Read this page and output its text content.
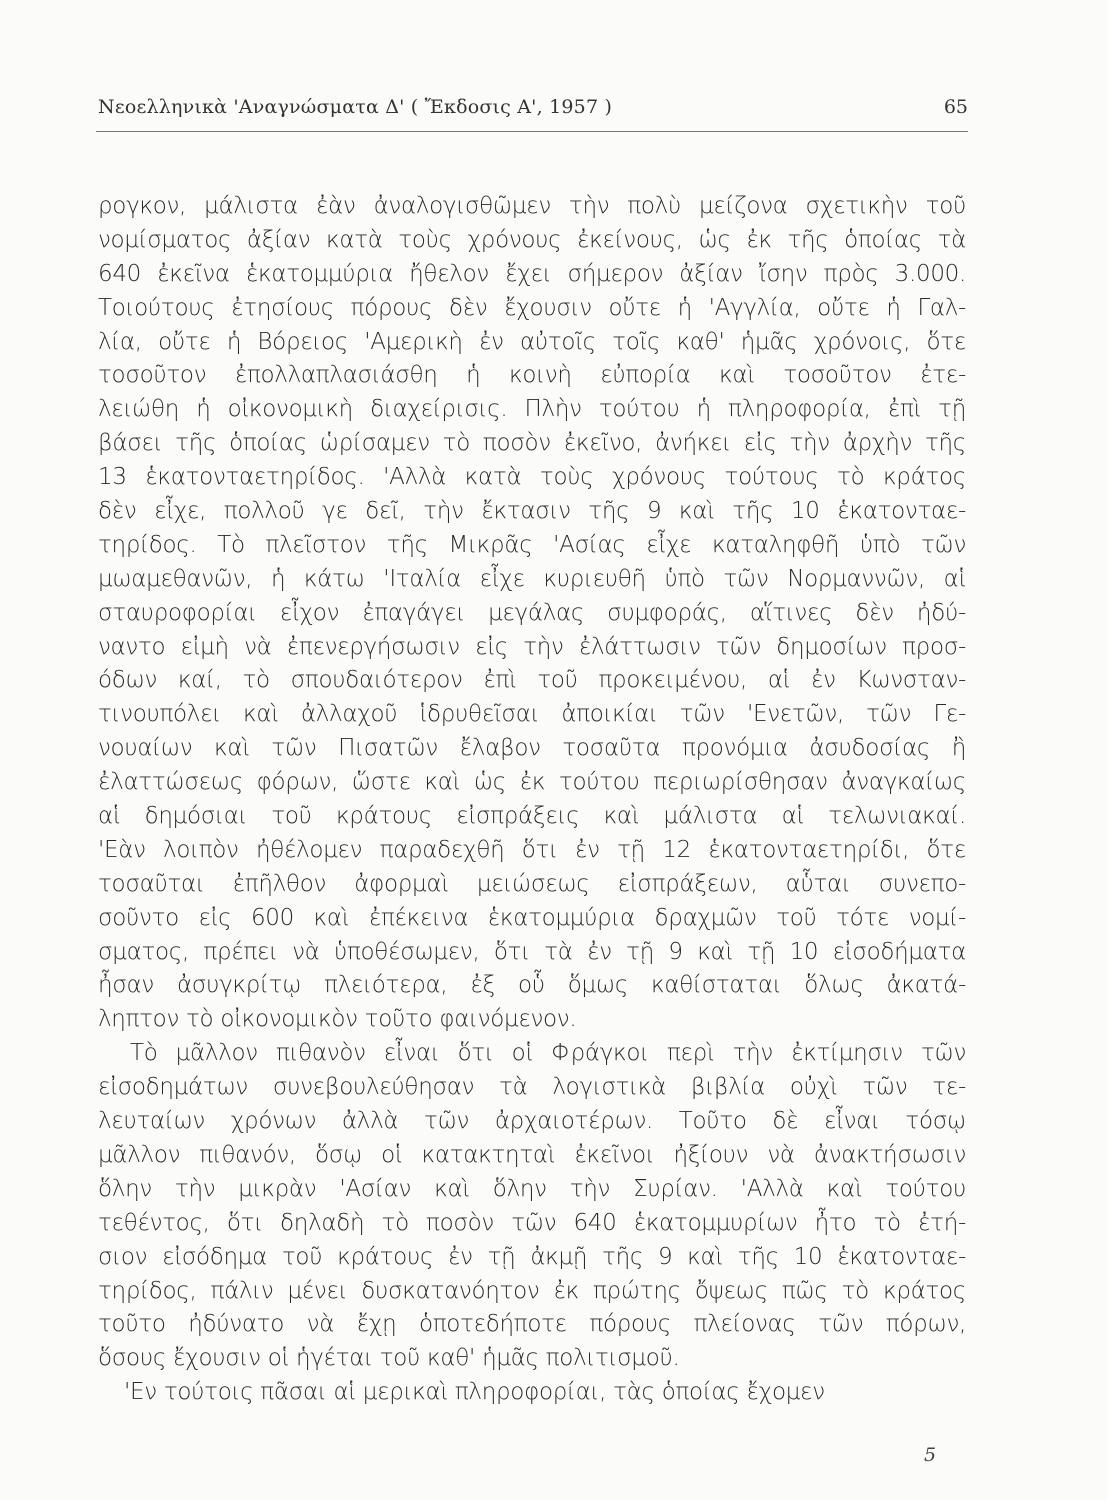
Νεοελληνικὰ 'Αναγνώσματα Δ' ( Ἔκδοσις Α', 1957 )	65
ρογκον, μάλιστα ἐὰν ἀναλογισθῶμεν τὴν πολὺ μείζονα σχετικὴν τοῦ
νομίσματος ἀξίαν κατὰ τοὺς χρόνους ἐκείνους, ὡς ἐκ τῆς ὁποίας τὰ
640 ἐκεῖνα ἑκατομμύρια ἤθελον ἔχει σήμερον ἀξίαν ἴσην πρὸς 3.000.
Τοιούτους ἐτησίους πόρους δὲν ἔχουσιν οὔτε ἡ 'Αγγλία, οὔτε ἡ Γαλ-
λία, οὔτε ἡ Βόρειος 'Αμερικὴ ἐν αὐτοῖς τοῖς καθ' ἡμᾶς χρόνοις, ὅτε
τοσοῦτον ἐπολλαπλασιάσθη ἡ κοινὴ εὐπορία καὶ τοσοῦτον ἐτε-
λειώθη ἡ οἰκονομικὴ διαχείρισις. Πλὴν τούτου ἡ πληροφορία, ἐπὶ τῇ
βάσει τῆς ὁποίας ὡρίσαμεν τὸ ποσὸν ἐκεῖνο, ἀνήκει εἰς τὴν ἀρχὴν τῆς
13 ἑκατονταετηρίδος. 'Αλλὰ κατὰ τοὺς χρόνους τούτους τὸ κράτος
δὲν εἶχε, πολλοῦ γε δεῖ, τὴν ἔκτασιν τῆς 9 καὶ τῆς 10 ἑκατονταε-
τηρίδος. Τὸ πλεῖστον τῆς Μικρᾶς 'Ασίας εἶχε καταληφθῆ ὑπὸ τῶν
μωαμεθανῶν, ἡ κάτω 'Ιταλία εἶχε κυριευθῆ ὑπὸ τῶν Νορμαννῶν, αἱ
σταυροφορίαι εἶχον ἐπαγάγει μεγάλας συμφοράς, αἵτινες δὲν ἠδύ-
ναντο εἰμὴ νὰ ἐπενεργήσωσιν εἰς τὴν ἐλάττωσιν τῶν δημοσίων προσ-
όδων καί, τὸ σπουδαιότερον ἐπὶ τοῦ προκειμένου, αἱ ἐν Κωνσταν-
τινουπόλει καὶ ἀλλαχοῦ ἱδρυθεῖσαι ἀποικίαι τῶν 'Ενετῶν, τῶν Γε-
νουαίων καὶ τῶν Πισατῶν ἔλαβον τοσαῦτα προνόμια ἀσυδοσίας ἢ
ἐλαττώσεως φόρων, ὥστε καὶ ὡς ἐκ τούτου περιωρίσθησαν ἀναγκαίως
αἱ δημόσιαι τοῦ κράτους εἰσπράξεις καὶ μάλιστα αἱ τελωνιακαί.
'Εὰν λοιπὸν ἠθέλομεν παραδεχθῆ ὅτι ἐν τῇ 12 ἑκατονταετηρίδι, ὅτε
τοσαῦται ἐπῆλθον ἀφορμαὶ μειώσεως εἰσπράξεων, αὗται συνεπο-
σοῦντο εἰς 600 καὶ ἐπέκεινα ἑκατομμύρια δραχμῶν τοῦ τότε νομί-
σματος, πρέπει νὰ ὑποθέσωμεν, ὅτι τὰ ἐν τῇ 9 καὶ τῇ 10 εἰσοδήματα
ἦσαν ἀσυγκρίτῳ πλειότερα, ἐξ οὗ ὅμως καθίσταται ὅλως ἀκατά-
ληπτον τὸ οἰκονομικὸν τοῦτο φαινόμενον.
Τὸ μᾶλλον πιθανὸν εἶναι ὅτι οἱ Φράγκοι περὶ τὴν ἐκτίμησιν τῶν
εἰσοδημάτων συνεβουλεύθησαν τὰ λογιστικὰ βιβλία οὐχὶ τῶν τε-
λευταίων χρόνων ἀλλὰ τῶν ἀρχαιοτέρων. Τοῦτο δὲ εἶναι τόσῳ
μᾶλλον πιθανόν, ὅσῳ οἱ κατακτηταὶ ἐκεῖνοι ἠξίουν νὰ ἀνακτήσωσιν
ὅλην τὴν μικρὰν 'Ασίαν καὶ ὅλην τὴν Συρίαν. 'Αλλὰ καὶ τούτου
τεθέντος, ὅτι δηλαδὴ τὸ ποσὸν τῶν 640 ἑκατομμυρίων ἦτο τὸ ἐτή-
σιον εἰσόδημα τοῦ κράτους ἐν τῇ ἀκμῇ τῆς 9 καὶ τῆς 10 ἑκατονταε-
τηρίδος, πάλιν μένει δυσκατανόητον ἐκ πρώτης ὄψεως πῶς τὸ κράτος
τοῦτο ἠδύνατο νὰ ἔχῃ ὁποτεδήποτε πόρους πλείονας τῶν πόρων,
ὅσους ἔχουσιν οἱ ἡγέται τοῦ καθ' ἡμᾶς πολιτισμοῦ.
'Εν τούτοις πᾶσαι αἱ μερικαὶ πληροφορίαι, τὰς ὁποίας ἔχομεν
5
